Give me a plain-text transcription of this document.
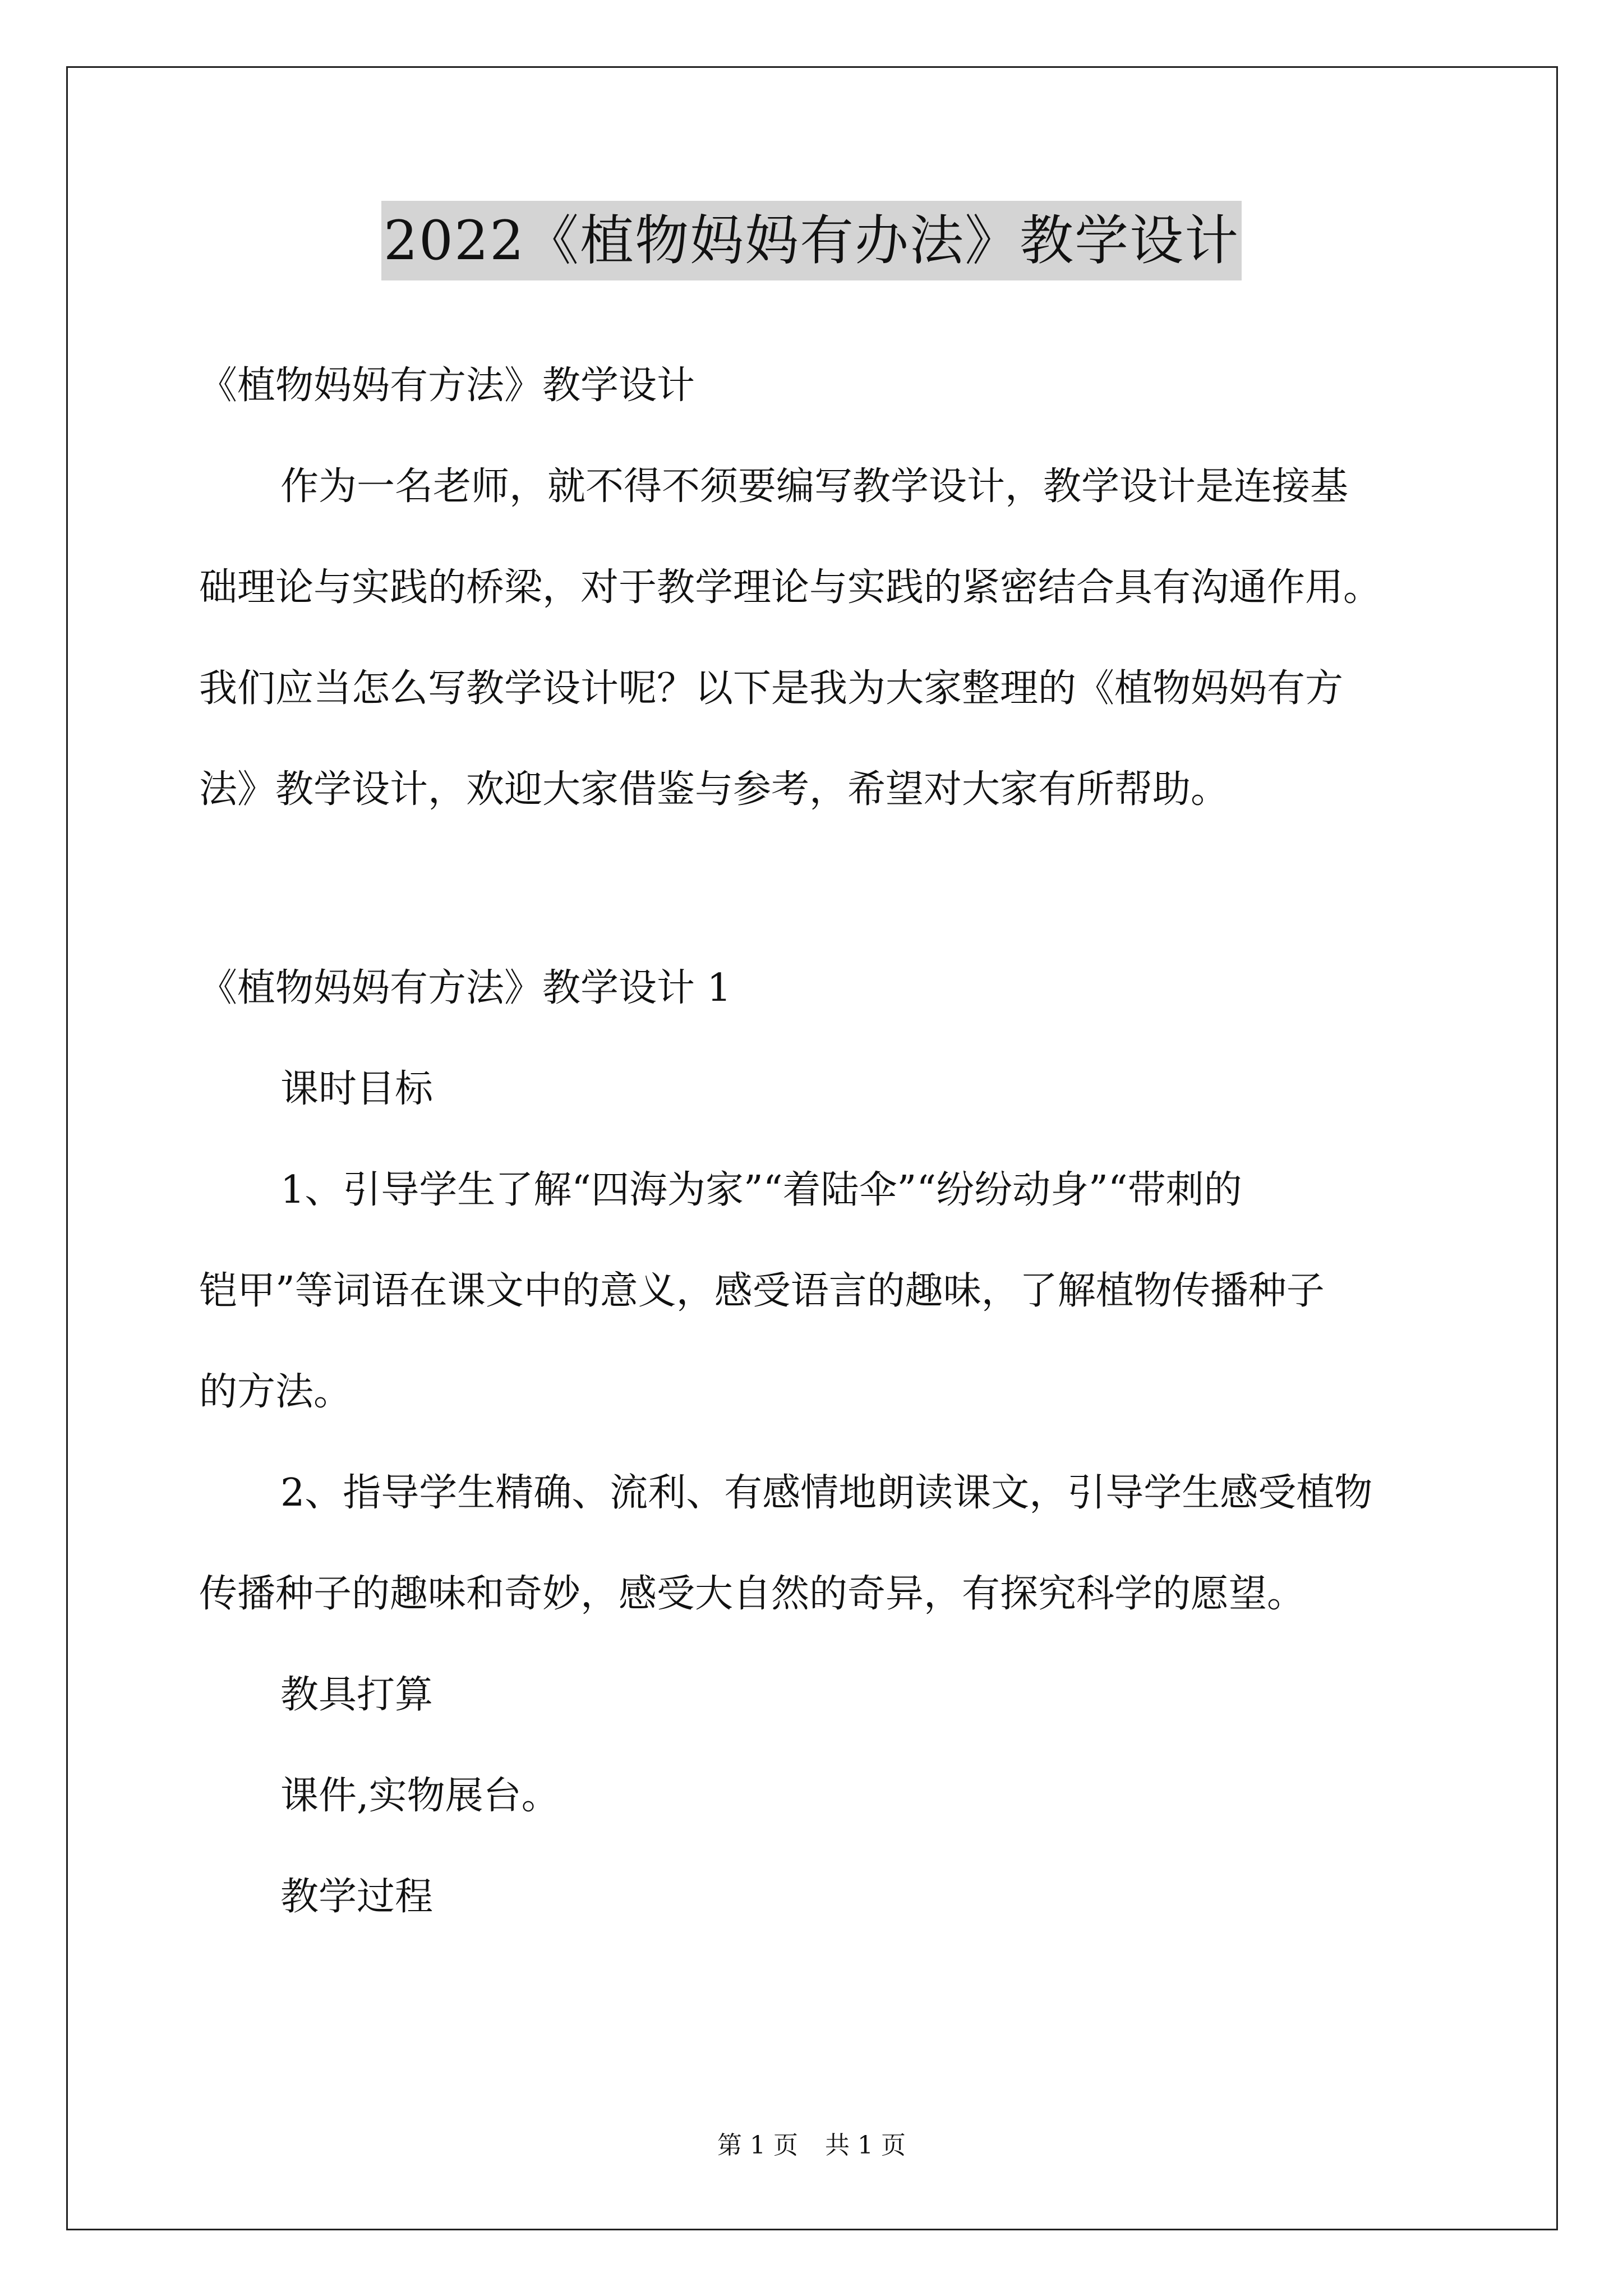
2022《植物妈妈有办法》教学设计
《植物妈妈有方法》教学设计
作为一名老师，就不得不须要编写教学设计，教学设计是连接基
础理论与实践的桥梁，对于教学理论与实践的紧密结合具有沟通作用。
我们应当怎么写教学设计呢？以下是我为大家整理的《植物妈妈有方
法》教学设计，欢迎大家借鉴与参考，希望对大家有所帮助。
《植物妈妈有方法》教学设计 1
课时目标
1、引导学生了解“四海为家”“着陆伞”“纷纷动身”“带刺的
铠甲”等词语在课文中的意义，感受语言的趣味，了解植物传播种子
的方法。
2、指导学生精确、流利、有感情地朗读课文，引导学生感受植物
传播种子的趣味和奇妙，感受大自然的奇异，有探究科学的愿望。
教具打算
课件,实物展台。
教学过程
第 1 页 共 1 页
